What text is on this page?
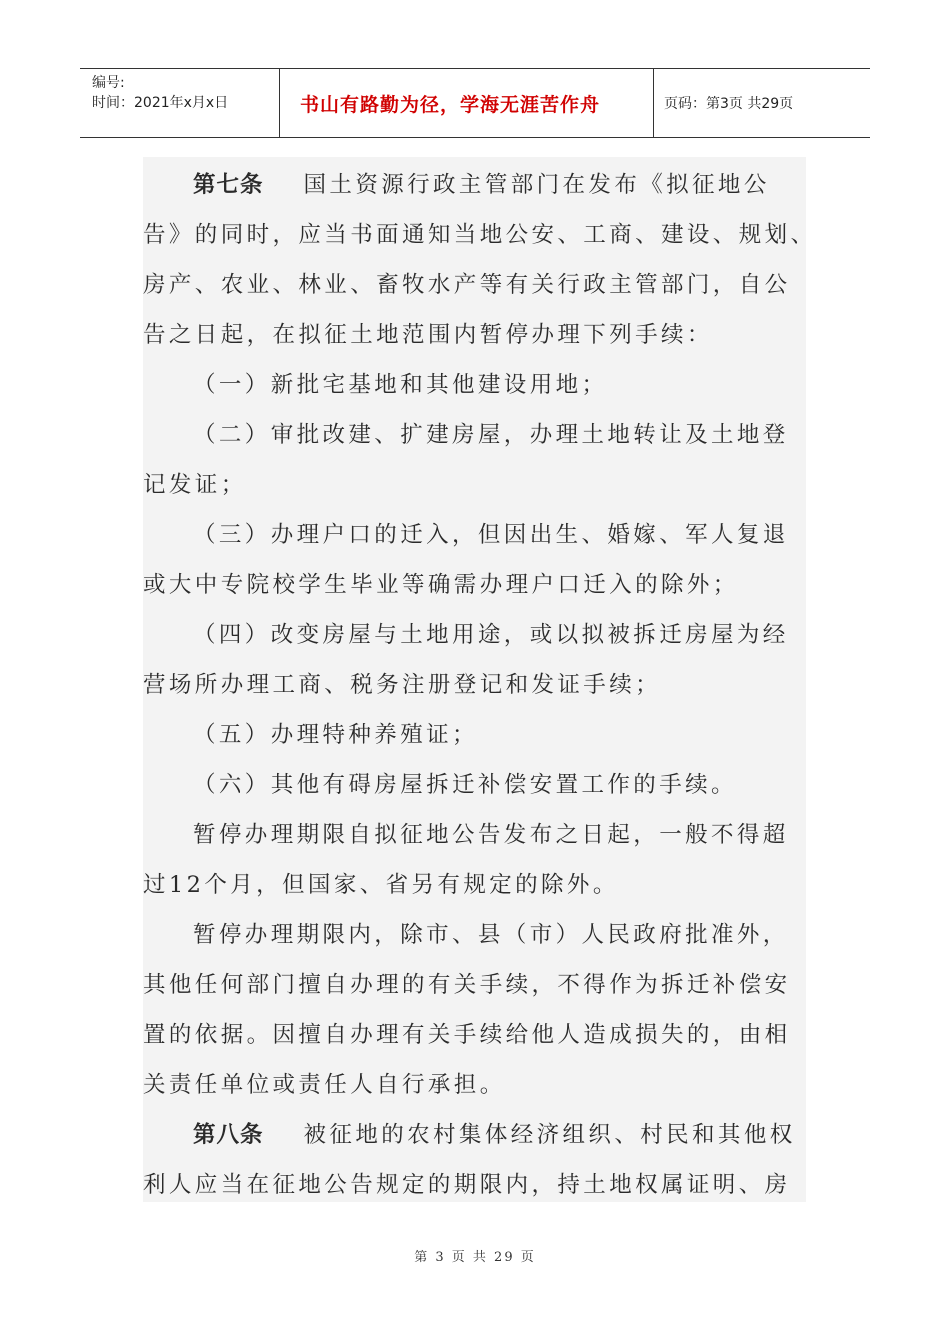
编号:
时间：2021年x月x日	书山有路勤为径，学海无涯苦作舟	页码：第3页 共29页
第七条 国土资源行政主管部门在发布《拟征地公
告》的同时，应当书面通知当地公安、工商、建设、规划、
房产、农业、林业、畜牧水产等有关行政主管部门，自公
告之日起，在拟征土地范围内暂停办理下列手续：
（一）新批宅基地和其他建设用地；
（二）审批改建、扩建房屋，办理土地转让及土地登
记发证；
（三）办理户口的迁入，但因出生、婚嫁、军人复退
或大中专院校学生毕业等确需办理户口迁入的除外；
（四）改变房屋与土地用途，或以拟被拆迁房屋为经
营场所办理工商、税务注册登记和发证手续；
（五）办理特种养殖证；
（六）其他有碍房屋拆迁补偿安置工作的手续。
暂停办理期限自拟征地公告发布之日起，一般不得超
过12个月，但国家、省另有规定的除外。
暂停办理期限内，除市、县（市）人民政府批准外，
其他任何部门擅自办理的有关手续，不得作为拆迁补偿安
置的依据。因擅自办理有关手续给他人造成损失的，由相
关责任单位或责任人自行承担。
第八条 被征地的农村集体经济组织、村民和其他权
利人应当在征地公告规定的期限内，持土地权属证明、房
第 3 页 共 29 页
